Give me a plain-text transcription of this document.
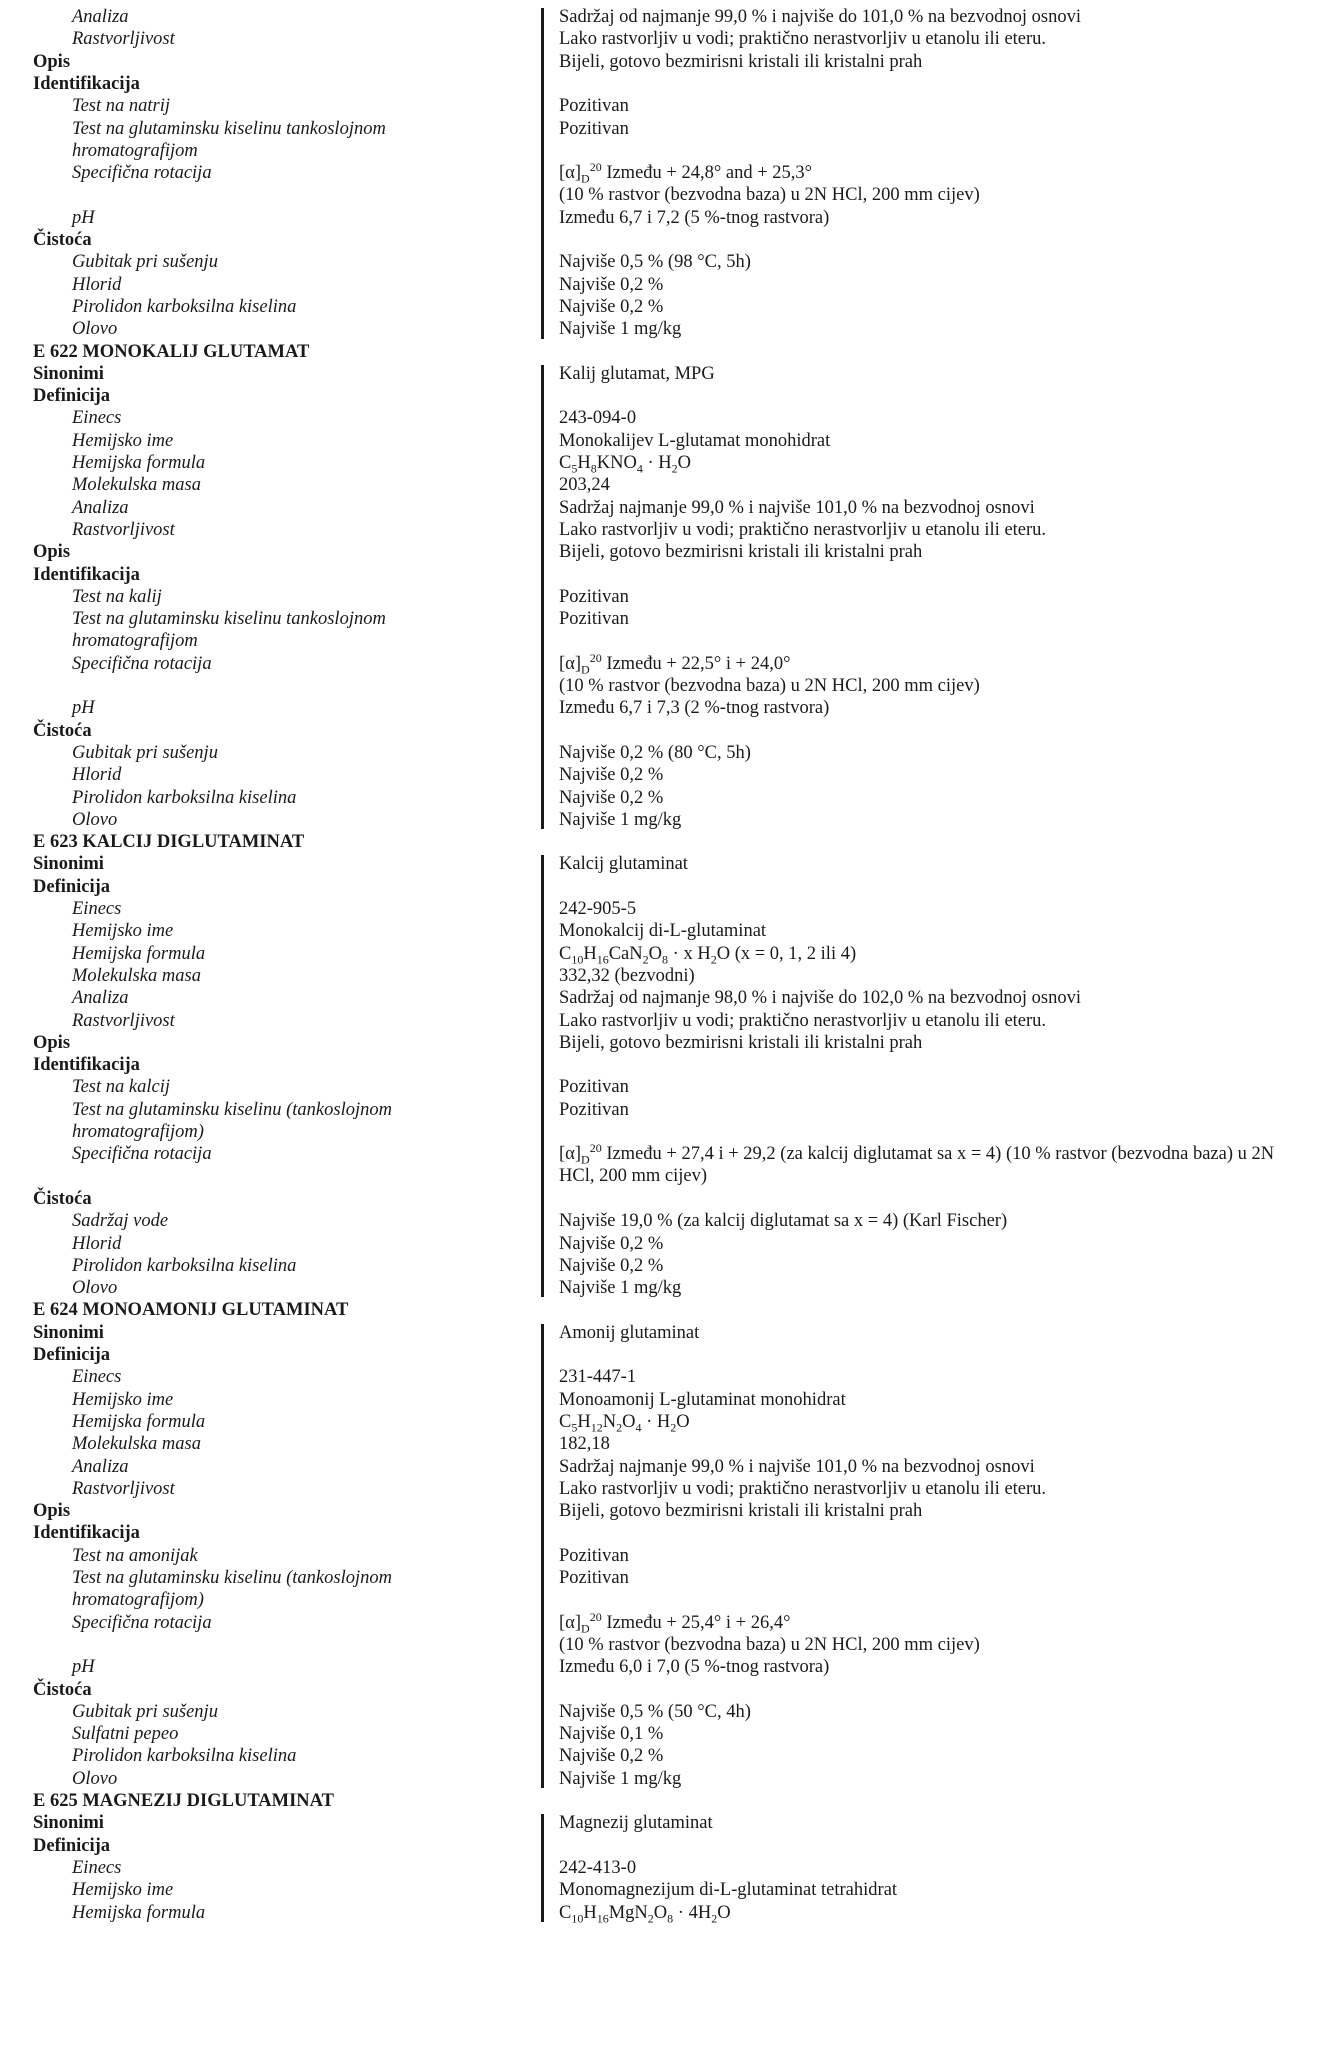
Analiza	Sadržaj od najmanje 99,0 % i najviše do 101,0 % na bezvodnoj osnovi
Rastvorljivost	Lako rastvorljiv u vodi; praktično nerastvorljiv u etanolu ili eteru.
Opis	Bijeli, gotovo bezmirisni kristali ili kristalni prah
Identifikacija
Test na natrij	Pozitivan
Test na glutaminsku kiselinu tankoslojnom	Pozitivan
hromatografijom
Specifična rotacija	$[\alpha]_D^{20}$ Između + 24,8° and + 25,3°
(10 % rastvor (bezvodna baza) u 2N HCl, 200 mm cijev)
pH	Između 6,7 i 7,2 (5 %-tnog rastvora)
Čistoća
Gubitak pri sušenju	Najviše 0,5 % (98 °C, 5h)
Hlorid	Najviše 0,2 %
Pirolidon karboksilna kiselina	Najviše 0,2 %
Olovo	Najviše 1 mg/kg
E 622 MONOKALIJ GLUTAMAT
Sinonimi	Kalij glutamat, MPG
Definicija
Einecs	243-094-0
Hemijsko ime	Monokalijev L-glutamat monohidrat
Hemijska formula	$C_5H_8KNO_4 \cdot H_2O$
Molekulska masa	203,24
Analiza	Sadržaj najmanje 99,0 % i najviše 101,0 % na bezvodnoj osnovi
Rastvorljivost	Lako rastvorljiv u vodi; praktično nerastvorljiv u etanolu ili eteru.
Opis	Bijeli, gotovo bezmirisni kristali ili kristalni prah
Identifikacija
Test na kalij	Pozitivan
Test na glutaminsku kiselinu tankoslojnom	Pozitivan
hromatografijom
Specifična rotacija	$[\alpha]_D^{20}$ Između + 22,5° i + 24,0°
(10 % rastvor (bezvodna baza) u 2N HCl, 200 mm cijev)
pH	Između 6,7 i 7,3 (2 %-tnog rastvora)
Čistoća
Gubitak pri sušenju	Najviše 0,2 % (80 °C, 5h)
Hlorid	Najviše 0,2 %
Pirolidon karboksilna kiselina	Najviše 0,2 %
Olovo	Najviše 1 mg/kg
E 623 KALCIJ DIGLUTAMINAT
Sinonimi	Kalcij glutaminat
Definicija
Einecs	242-905-5
Hemijsko ime	Monokalcij di-L-glutaminat
Hemijska formula	$C_{10}H_{16}CaN_2O_8 \cdot x$ $H_2O$ (x = 0, 1, 2 ili 4)
Molekulska masa	332,32 (bezvodni)
Analiza	Sadržaj od najmanje 98,0 % i najviše do 102,0 % na bezvodnoj osnovi
Rastvorljivost	Lako rastvorljiv u vodi; praktično nerastvorljiv u etanolu ili eteru.
Opis	Bijeli, gotovo bezmirisni kristali ili kristalni prah
Identifikacija
Test na kalcij	Pozitivan
Test na glutaminsku kiselinu (tankoslojnom	Pozitivan
hromatografijom)
Specifična rotacija	$[\alpha]_D^{20}$ Između + 27,4 i + 29,2 (za kalcij diglutamat sa x = 4) (10 % rastvor (bezvodna baza) u 2N HCl, 200 mm cijev)
Čistoća
Sadržaj vode	Najviše 19,0 % (za kalcij diglutamat sa x = 4) (Karl Fischer)
Hlorid	Najviše 0,2 %
Pirolidon karboksilna kiselina	Najviše 0,2 %
Olovo	Najviše 1 mg/kg
E 624 MONOAMONIJ GLUTAMINAT
Sinonimi	Amonij glutaminat
Definicija
Einecs	231-447-1
Hemijsko ime	Monoamonij L-glutaminat monohidrat
Hemijska formula	$C_5H_{12}N_2O_4 \cdot H_2O$
Molekulska masa	182,18
Analiza	Sadržaj najmanje 99,0 % i najviše 101,0 % na bezvodnoj osnovi
Rastvorljivost	Lako rastvorljiv u vodi; praktično nerastvorljiv u etanolu ili eteru.
Opis	Bijeli, gotovo bezmirisni kristali ili kristalni prah
Identifikacija
Test na amonijak	Pozitivan
Test na glutaminsku kiselinu (tankoslojnom	Pozitivan
hromatografijom)
Specifična rotacija	$[\alpha]_D^{20}$ Između + 25,4° i + 26,4°
(10 % rastvor (bezvodna baza) u 2N HCl, 200 mm cijev)
pH	Između 6,0 i 7,0 (5 %-tnog rastvora)
Čistoća
Gubitak pri sušenju	Najviše 0,5 % (50 °C, 4h)
Sulfatni pepeo	Najviše 0,1 %
Pirolidon karboksilna kiselina	Najviše 0,2 %
Olovo	Najviše 1 mg/kg
E 625 MAGNEZIJ DIGLUTAMINAT
Sinonimi	Magnezij glutaminat
Definicija
Einecs	242-413-0
Hemijsko ime	Monomagnezijum di-L-glutaminat tetrahidrat
Hemijska formula	$C_{10}H_{16}MgN_2O_8 \cdot 4H_2O$
